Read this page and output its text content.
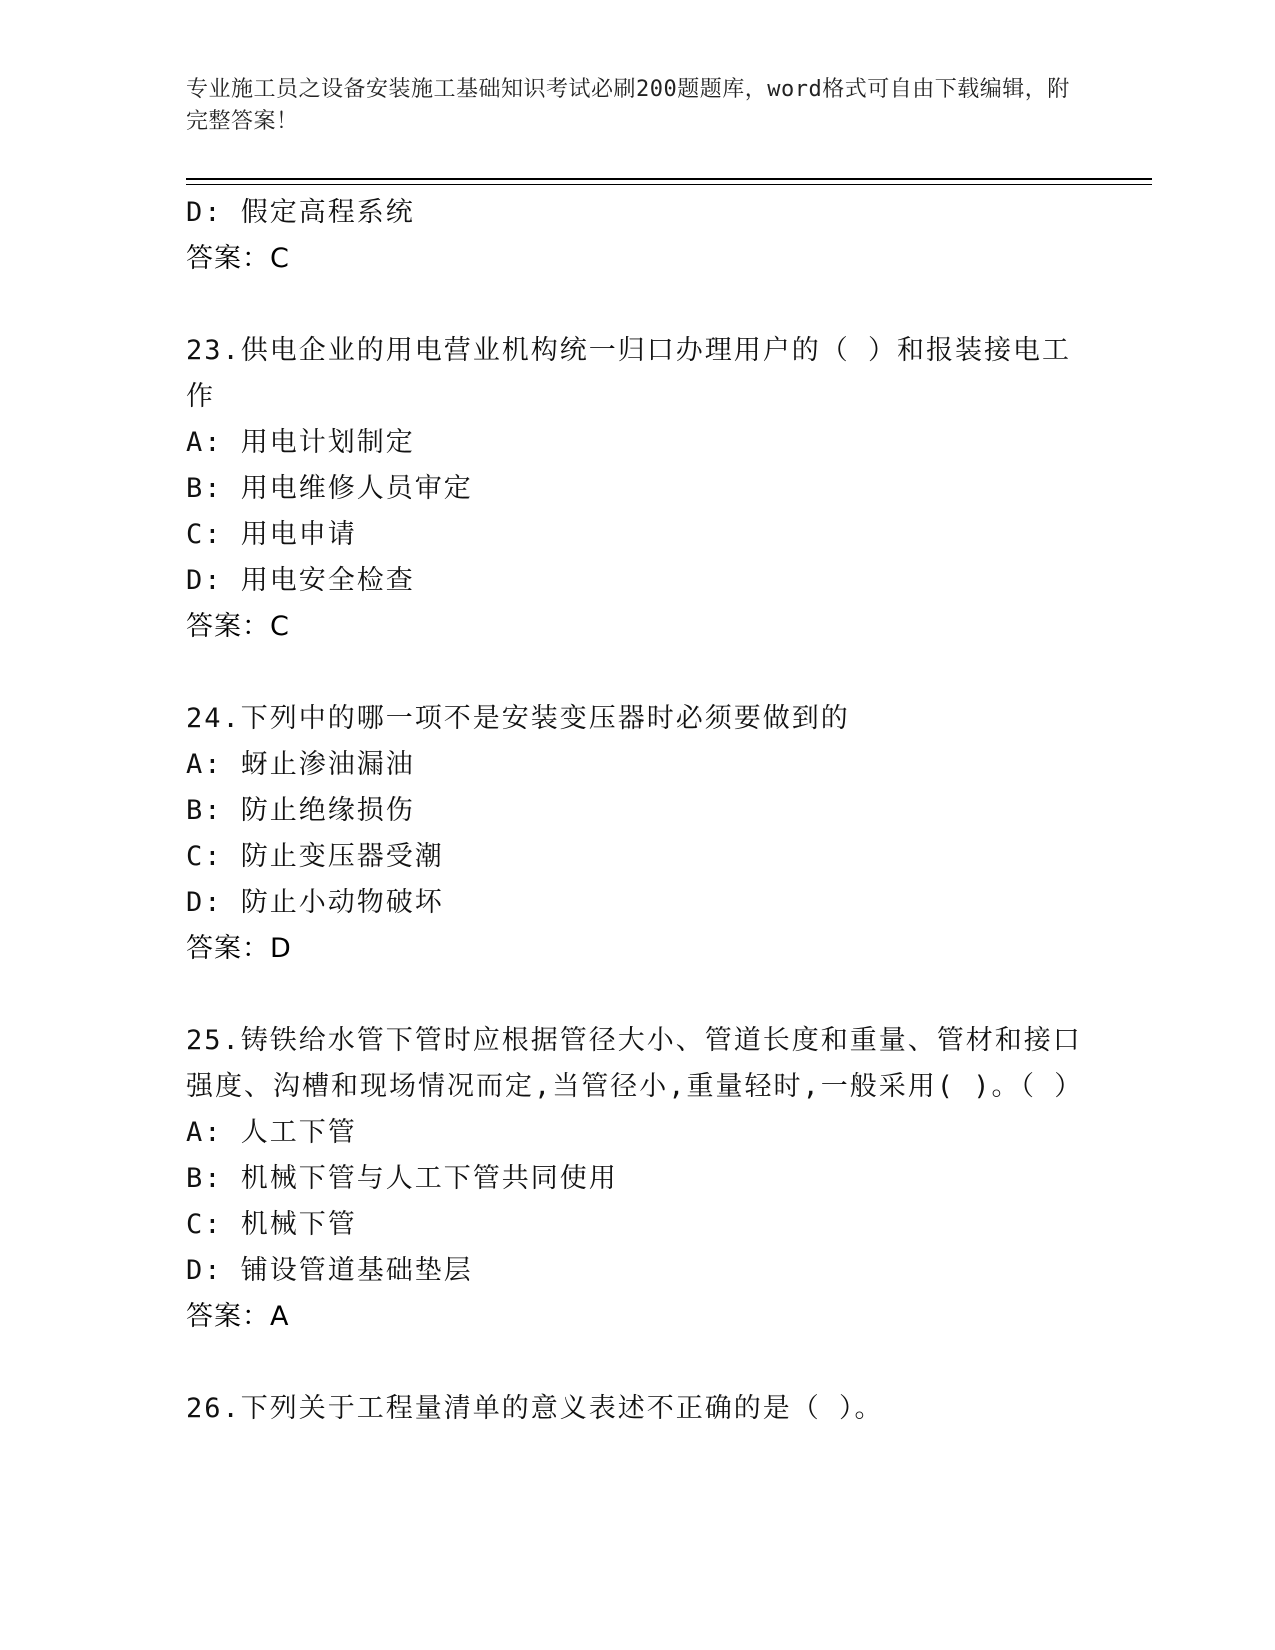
专业施工员之设备安装施工基础知识考试必刷200题题库，word格式可自由下载编辑，附完整答案！
D: 假定高程系统
答案：C
23.供电企业的用电营业机构统一归口办理用户的（ ）和报装接电工作
A: 用电计划制定
B: 用电维修人员审定
C: 用电申请
D: 用电安全检查
答案：C
24.下列中的哪一项不是安装变压器时必须要做到的
A: 蚜止渗油漏油
B: 防止绝缘损伤
C: 防止变压器受潮
D: 防止小动物破坏
答案：D
25.铸铁给水管下管时应根据管径大小、管道长度和重量、管材和接口强度、沟槽和现场情况而定,当管径小,重量轻时,一般采用( )。（ ）
A: 人工下管
B: 机械下管与人工下管共同使用
C: 机械下管
D: 铺设管道基础垫层
答案：A
26.下列关于工程量清单的意义表述不正确的是（ ）。
